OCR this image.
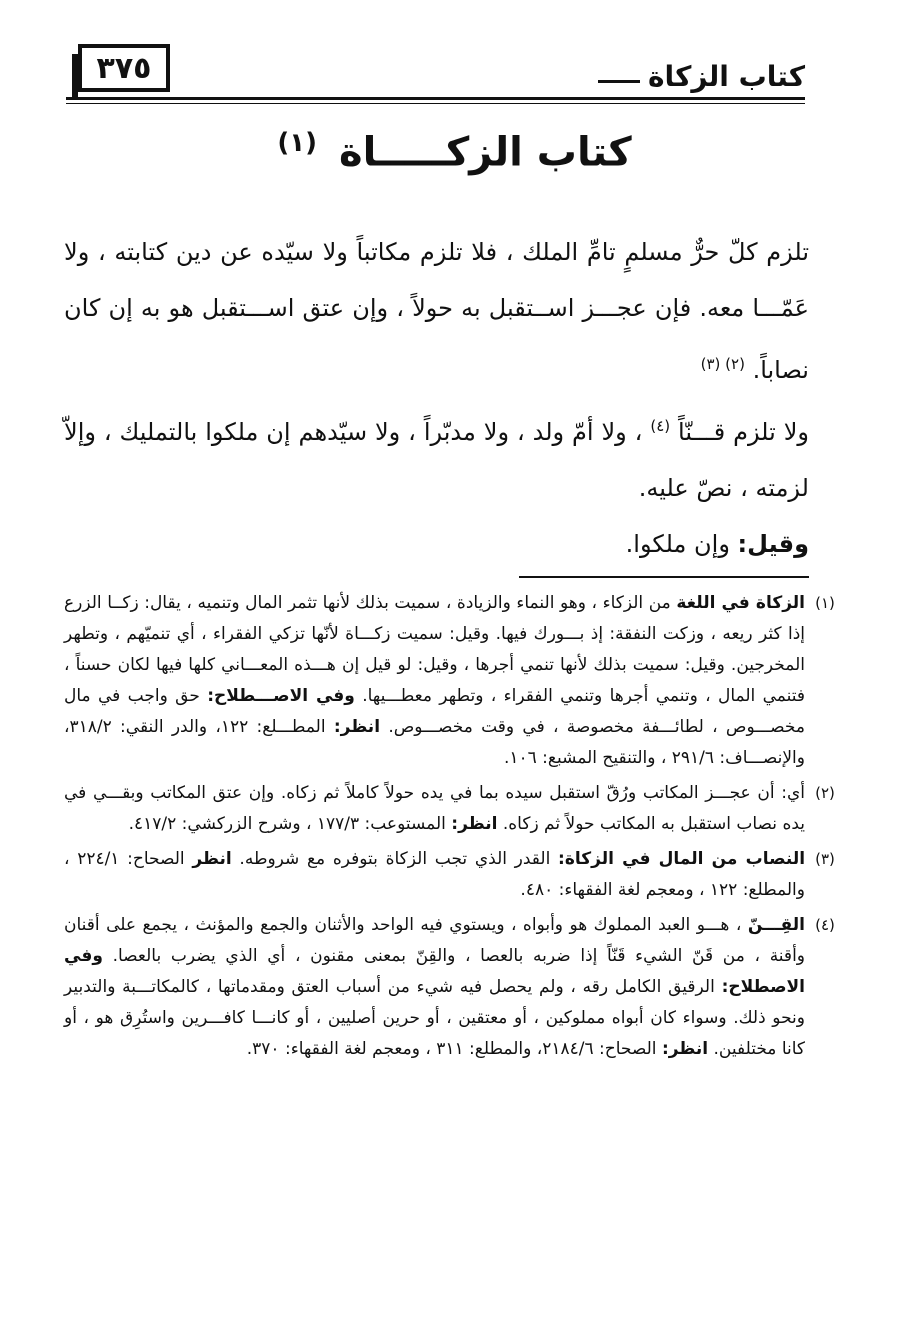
٣٧٥	كتاب الزكاة
كتاب الزكـــــاة $^{(١)}$

تلزم كلّ حرٌّ مسلمٍ تامِّ الملك ، فلا تلزم مكاتباً ولا سيّده عن دين كتابته ، ولا عَمّـــا معه. فإن عجـــز اســتقبل به حولاً ، وإن عتق اســـتقبل هو به إن كان نصاباً. $^{(٢) (٣)}$

ولا تلزم قـــنّاً $^{(٤)}$ ، ولا أمّ ولد ، ولا مدبّراً ، ولا سيّدهم إن ملكوا بالتمليك ، وإلاّ لزمته ، نصّ عليه.

وقيل: وإن ملكوا.

(١)
الزكاة في اللغة من الزكاء ، وهو النماء والزيادة ، سميت بذلك لأنها تثمر المال وتنميه ، يقال: زكــا الزرع إذا كثر ريعه ، وزكت النفقة: إذ بـــورك فيها. وقيل: سميت زكـــاة لأنّها تزكي الفقراء ، أي تنميّهم ، وتطهر المخرجين. وقيل: سميت بذلك لأنها تنمي أجرها ، وقيل: لو قيل إن هـــذه المعـــاني كلها فيها لكان حسناً ، فتنمي المال ، وتنمي أجرها وتنمي الفقراء ، وتطهر معطـــيها. وفي الاصـــطلاح: حق واجب في مال مخصـــوص ، لطائـــفة مخصوصة ، في وقت مخصـــوص. انظر: المطـــلع: ١٢٢، والدر النقي: ٣١٨/٢، والإنصـــاف: ٢٩١/٦ ، والتنقيح المشبع: ١٠٦.
(٢)
أي: أن عجـــز المكاتب ورُقّ استقبل سيده بما في يده حولاً كاملاً ثم زكاه. وإن عتق المكاتب وبقـــي في يده نصاب استقبل به المكاتب حولاً ثم زكاه. انظر: المستوعب: ١٧٧/٣ ، وشرح الزركشي: ٤١٧/٢.
(٣)
النصاب من المال في الزكاة: القدر الذي تجب الزكاة بتوفره مع شروطه. انظر الصحاح: ٢٢٤/١ ، والمطلع: ١٢٢ ، ومعجم لغة الفقهاء: ٤٨٠.
(٤)
القِـــنّ ، هـــو العبد المملوك هو وأبواه ، ويستوي فيه الواحد والأثنان والجمع والمؤنث ، يجمع على أقنان وأقنة ، من قَنّ الشيء قَنّاً إذا ضربه بالعصا ، والقِنّ بمعنى مقنون ، أي الذي يضرب بالعصا. وفي الاصطلاح: الرقيق الكامل رقه ، ولم يحصل فيه شيء من أسباب العتق ومقدماتها ، كالمكاتـــبة والتدبير ونحو ذلك. وسواء كان أبواه مملوكين ، أو معتقين ، أو حرين أصليين ، أو كانـــا كافـــرين واستُرِق هو ، أو كانا مختلفين. انظر: الصحاح: ٢١٨٤/٦، والمطلع: ٣١١ ، ومعجم لغة الفقهاء: ٣٧٠.
